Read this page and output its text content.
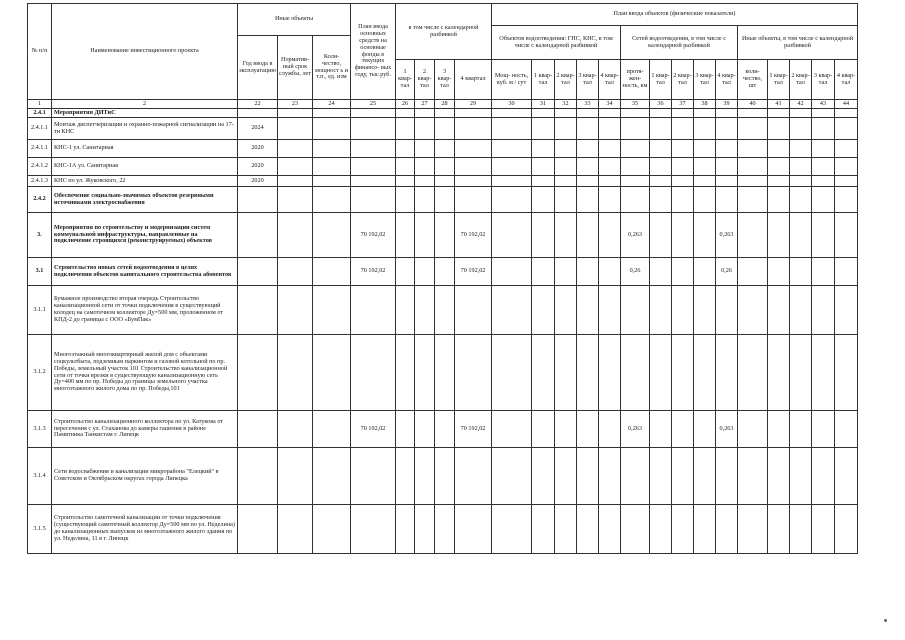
№ п/п	Наименование инвестиционного проекта	Иные объекты			План ввода основных средств на основные фонды в текущих финансо- вых году, тыс.руб.	в том числе с календарной разбивкой				План ввода объектов (физические показатели)														
										Объектов водоотведения: ГНС, КНС, в том числе с календарной разбивкой					Сетей водоотведения, в том числе с календарной разбивкой					Иные объекты, в том числе с календарной разбивкой				
		Год ввода в эксплуатацию	Норматив- ный срок службы, лет	Коли- чество, мощност ь и т.п., ед. изм																				
						1 квар- тал	2 квар- тал	3 квар- тал	4 квартал	Мощ- ность, куб. м / сут	1 квар- тал	2 квар- тал	3 квар- тал	4 квар- тал	протя- жен- ность, км	1 квар- тал	2 квар- тал	3 квар- тал	4 квар- тал	коли- чество, шт	1 квар- тал	2 квар- тал	3 квар- тал	4 квар- тал
1	2	22	23	24	25	26	27	28	29	30	31	32	33	34	35	36	37	38	39	40	41	42	43	44
2.4.1	Мероприятия ДИТиС																							
2.4.1.1	Монтаж диспетчеризации и охранно-пожарной сигнализации на 17-ти КНС	2024																						
2.4.1.1	КНС-1 ул. Санитарная	2020																						
2.4.1.2	КНС-1А ул. Санитарная	2020																						
2.4.1.3	КНС по ул. Жуковского, 22	2020																						
2.4.2	Обеспечение социально-значимых объектов резервными источниками электроснабжения																							
3.	Мероприятия по строительству и модернизации систем коммунальной инфраструктуры, направленные на подключение строящихся (реконструируемых) объектов				70 192,02				70 192,02						0,263				0,263					
3.1	Строительство новых сетей водоотведения в целях подключения объектов капитального строительства абонентов				70 192,02				70 192,02						0,26				0,26					
3.1.1	Бумажное производство вторая очередь Строительство канализационной сети от точки подключения в существующий колодец на самотечном коллекторе Ду=500 мм, проложенном от КПД-2 до границы с ООО «БумПак»																							
3.1.2	Многоэтажный многоквартирный жилой дом с объектами соцкультбыта, подземным паркингом и газовой котельной по пр. Победы, земельный участок 101 Строительство канализационной сети от точки врезки в существующую канализационную сеть Ду=400 мм по пр. Победы до границы земельного участка многоэтажного жилого дома по пр. Победы,101																							
3.1.3	Строительство канализационного коллектора по ул. Катукова от пересечения с ул. Стаханова до камеры гашения в районе Памятника Танкистам г. Липецк				70 192,02				70 192,02						0,263				0,263					
3.1.4	Сети водоснабжения и канализации микрорайона "Елецкий" в Советском и Октябрьском округах города Липецка																							
3.1.5	Строительство самотечной канализации от точки подключения (существующий самотечный коллектор Ду=500 мм по ул. Неделина) до канализационных выпусков из многоэтажного жилого здания по ул. Неделина, 11 в г. Липецк																							
